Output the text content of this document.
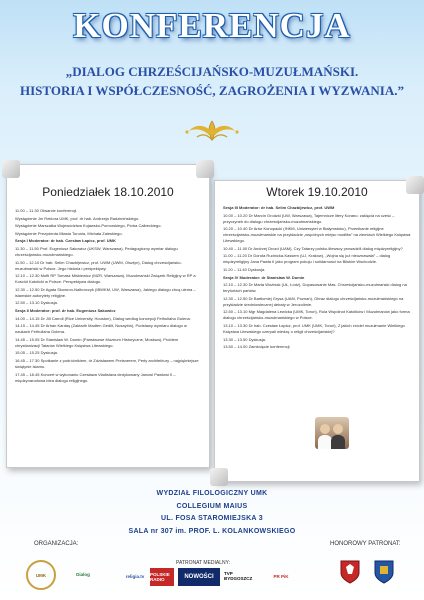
KONFERENCJA
„DIALOG CHRZEŚCIJAŃSKO-MUZUŁMAŃSKI.
HISTORIA I WSPÓŁCZESNOŚĆ, ZAGROŻENIA I WYZWANIA.”
Poniedziałek 18.10.2010

11.00 – 11.30 Otwarcie konferencji.

Wystąpienie Jm Rektora UMK, prof. dr hab. Andrzeja Radzimińskiego.

Wystąpienie Marszałka Województwa Kujawsko-Pomorskiego, Piotra Całbeckiego.

Wystąpienie Prezydenta Miasta Torunia, Michała Zaleskiego.

Sesja I Moderator: dr hab. Czesław Łapicz, prof. UMK

11.30 – 11.50 Prof. Eugeniusz Sakowicz (UKSW, Warszawa), Pedagogiczny wymiar dialogu chrześcijańsko-muzułmańskiego.

11.50 – 12.10 Dr hab. Selim Chazbijewicz, prof. UWM (UWM, Olsztyn), Dialog chrześcijańsko-muzułmański w Polsce. Jego historia i perspektywy.

12.10 – 12.30 Mufti RP Tomasz Miśkiewicz (MZR, Warszawa), Muzułmański Związek Religijny w RP a Kościół Katolicki w Polsce. Perspektywa dialogu.

12.30 – 12.50 Dr Agata Skowron-Nalborczyk (IBWKM, UW, Warszawa), Jakiego dialogu chcą ulema – islamskie autorytety religijne.

12.50 – 13.10 Dyskusja.

Sesja II Moderator: prof. dr hab. Eugeniusz Sakowicz

14.00 – 14.15 Dr Jill Carroll (Rice University, Houston), Dialog według koncepcji Fethullaha Gulena.

14.15 – 14.45 Dr Arhan Kardaş (Zaktadh Madten Gedlit, Nusaybin), Podstawy wymiaru dialogu w naukach Fethullaha Gulena.

14.45 – 15.05 Dr Stanisław W. Dumin (Państwowe Muzeum Historyczne, Moskwa), Problem chrystianizacji Tatarów Wielkiego Księstwa Litewskiego.

15.05 – 15.25 Dyskusja.

16.45 – 17.30 Spotkanie z podróżnikiem, dr Zdzisławem Preisnerem, Perły architektury – najpiękniejsze świątynie islamu.

17.45 – 18.45 Koncert w wykonaniu Czesława Vladislava dedykowany Janowi Pawłowi II – międzynarodowa idea dialogu religijnego.

Wtorek 19.10.2010

Sesja III Moderator: dr hab. Selim Chazbijewicz, prof. UWM

10.00 – 10.20 Dr Marcin Grodzki (UW, Warszawa), Tajemnicze litery Koranu: zaklęcia na cześć – przyczynek do dialogu chrześcijańsko-muzułmańskiego.

10.20 – 10.40 Dr Artur Konopacki (IHKM, Uniwersytet w Białymstoku), Przenikanie religijne chrześcijańsko-muzułmańskie na przykładzie „wspólnych miejsc modlitw” na ziemiach Wielkiego Księstwa Litewskiego.

10.40 – 11.00 Dr Andrzej Drozd (UAM), Czy Tatarzy polsko-litewscy prowadzili dialog międzyreligijny?

11.00 – 11.20 Dr Dorota Rudnicka-Kassem (UJ, Kraków), „Wojna się już nieuznawała” – dialog międzyreligijny Jana Pawła II jako program pokoju i solidarności na Bliskim Wschodzie.

11.20 – 11.40 Dyskusja.

Sesja IV Moderator: dr Stanisław W. Dumin

12.10 – 12.30 Dr Marta Woźniak (UŁ, Łódź), Dopasowanie Mas. Chrześcijańsko-muzułmański dialog na terytoriach państw.

12.30 – 12.50 Dr Bartłomiej Grysa (UAM, Poznań), Obraz dialogu chrześcijańsko-muzułmańskiego na przykładzie średniowiecznej debaty w Jerozolimie.

12.50 – 13.10 Mgr Magdalena Lewicka (UMK, Toruń), Rola Wspólnot Katolików i Muzułmanów jako forma dialogu chrześcijańsko-muzułmańskiego w Polsce.

13.10 – 13.30 Dr hab. Czesław Łapicz, prof. UMK (UMK, Toruń), Z jakich źródeł muzułmanie Wielkiego Księstwa Litewskiego czerpali wiedzę o religii chrześcijańskiej?

13.30 – 13.50 Dyskusja.

13.50 – 14.00 Zamknięcie konferencji

WYDZIAŁ FILOLOGICZNY UMK
COLLEGIUM MAIUS
UL. FOSA STAROMIEJSKA 3
SALA nr 307 im. PROF. L. KOLANKOWSKIEGO
ORGANIZACJA:
PATRONAT MEDIALNY:
HONOROWY PATRONAT:
UMK	Dialog	religia.tv POLSKIE RADIO	NOWOŚCI
TVP BYDGOSZCZ	PR PiK
